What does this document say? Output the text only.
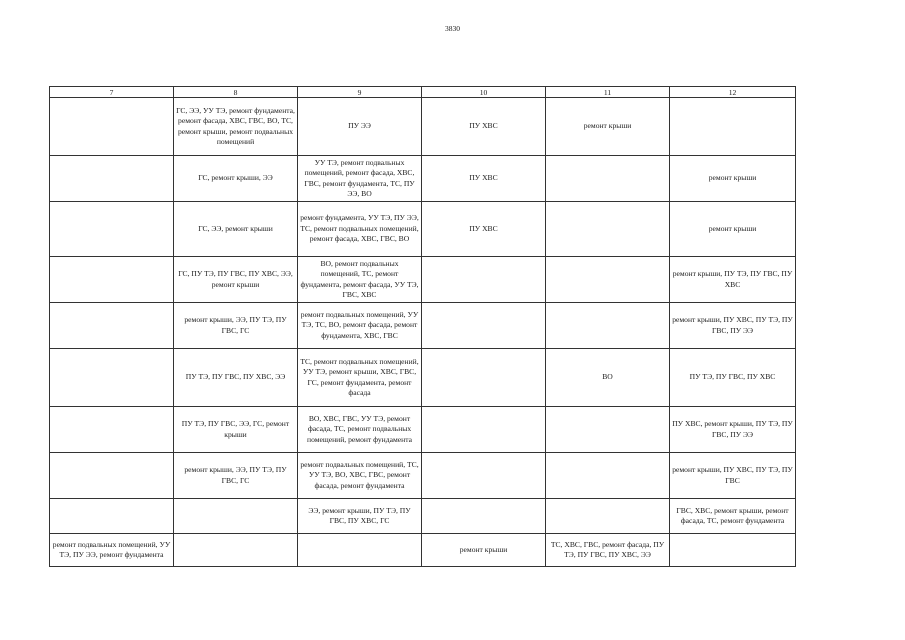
3830
7	8	9	10	11	12
	ГС, ЭЭ, УУ ТЭ, ремонт фундамента, ремонт фасада, ХВС, ГВС, ВО, ТС, ремонт крыши, ремонт подвальных помещений	ПУ ЭЭ	ПУ ХВС	ремонт крыши	
	ГС, ремонт крыши, ЭЭ	УУ ТЭ, ремонт подвальных помещений, ремонт фасада, ХВС, ГВС, ремонт фундамента, ТС, ПУ ЭЭ, ВО	ПУ ХВС		ремонт крыши
	ГС, ЭЭ, ремонт крыши	ремонт фундамента, УУ ТЭ, ПУ ЭЭ, ТС, ремонт подвальных помещений, ремонт фасада, ХВС, ГВС, ВО	ПУ ХВС		ремонт крыши
	ГС, ПУ ТЭ, ПУ ГВС, ПУ ХВС, ЭЭ, ремонт крыши	ВО, ремонт подвальных помещений, ТС, ремонт фундамента, ремонт фасада, УУ ТЭ, ГВС, ХВС			ремонт крыши, ПУ ТЭ, ПУ ГВС, ПУ ХВС
	ремонт крыши, ЭЭ, ПУ ТЭ, ПУ ГВС, ГС	ремонт подвальных помещений, УУ ТЭ, ТС, ВО, ремонт фасада, ремонт фундамента, ХВС, ГВС			ремонт крыши, ПУ ХВС, ПУ ТЭ, ПУ ГВС, ПУ ЭЭ
	ПУ ТЭ, ПУ ГВС, ПУ ХВС, ЭЭ	ТС, ремонт подвальных помещений, УУ ТЭ, ремонт крыши, ХВС, ГВС, ГС, ремонт фундамента, ремонт фасада		ВО	ПУ ТЭ, ПУ ГВС, ПУ ХВС
	ПУ ТЭ, ПУ ГВС, ЭЭ, ГС, ремонт крыши	ВО, ХВС, ГВС, УУ ТЭ, ремонт фасада, ТС, ремонт подвальных помещений, ремонт фундамента			ПУ ХВС, ремонт крыши, ПУ ТЭ, ПУ ГВС, ПУ ЭЭ
	ремонт крыши, ЭЭ, ПУ ТЭ, ПУ ГВС, ГС	ремонт подвальных помещений, ТС, УУ ТЭ, ВО, ХВС, ГВС, ремонт фасада, ремонт фундамента			ремонт крыши, ПУ ХВС, ПУ ТЭ, ПУ ГВС
		ЭЭ, ремонт крыши, ПУ ТЭ, ПУ ГВС, ПУ ХВС, ГС			ГВС, ХВС, ремонт крыши, ремонт фасада, ТС, ремонт фундамента
ремонт подвальных помещений, УУ ТЭ, ПУ ЭЭ, ремонт фундамента			ремонт крыши	ТС, ХВС, ГВС, ремонт фасада, ПУ ТЭ, ПУ ГВС, ПУ ХВС, ЭЭ	
